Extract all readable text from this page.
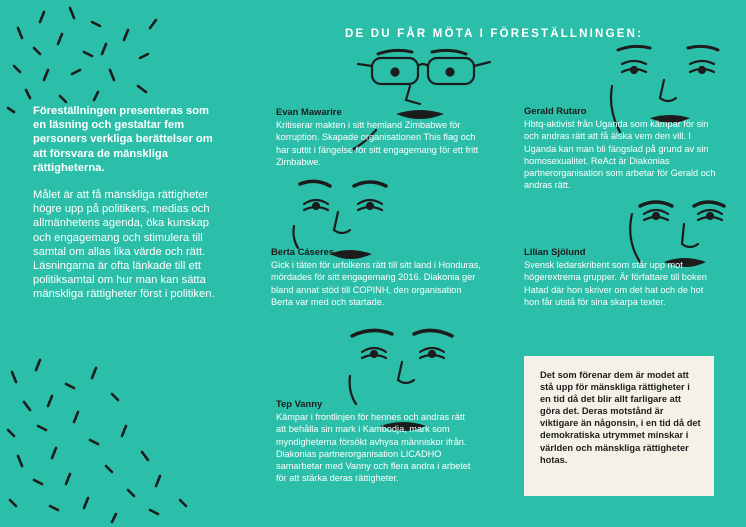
DE DU FÅR MÖTA I FÖRESTÄLLNINGEN:

Föreställningen presenteras som en läsning och gestaltar fem personers verkliga berättelser om att försvara de mänskliga rättigheterna.

Målet är att få mänskliga rättigheter högre upp på politikers, medias och allmänhetens agenda, öka kunskap och engagemang och stimulera till samtal om allas lika värde och rätt. Läsningarna är ofta länkade till ett politiksamtal om hur man kan sätta mänskliga rättigheter först i politiken.

Evan Mawarire

Kritiserar makten i sitt hemland Zimbabwe för korruption. Skapade organisationen This flag och har suttit i fängelse för sitt engagemang för ett fritt Zimbabwe.

Gerald Rutaro

Hbtq-aktivist från Uganda som kämpar för sin och andras rätt att få älska vem den vill. I Uganda kan man bli fängslad på grund av sin homosexualitet. ReAct är Diakonias partnerorganisation som arbetar för Gerald och andras rätt.

Berta Cáseres

Gick i täten för urfolkens rätt till sitt land i Honduras, mördades för sitt engagemang 2016. Diakonia ger bland annat stöd till COPINH, den organisation Berta var med och startade.

Lilian Sjölund

Svensk ledarskribent som står upp mot högerextrema grupper. Är författare till boken Hatad där hon skriver om det hat och de hot hon får utstå för sina skarpa texter.

Tep Vanny

Kämpar i frontlinjen för hennes och andras rätt att behålla sin mark i Kambodja, mark som myndigheterna försökt avhysa människor ifrån. Diakonias partnerorganisation LICADHO samarbetar med Vanny och flera andra i arbetet för att stärka deras rättigheter.

Det som förenar dem är modet att stå upp för mänskliga rättigheter i en tid då det blir allt farligare att göra det. Deras motstånd är viktigare än någonsin, i en tid då det demokratiska utrymmet minskar i världen och mänskliga rättigheter hotas.
